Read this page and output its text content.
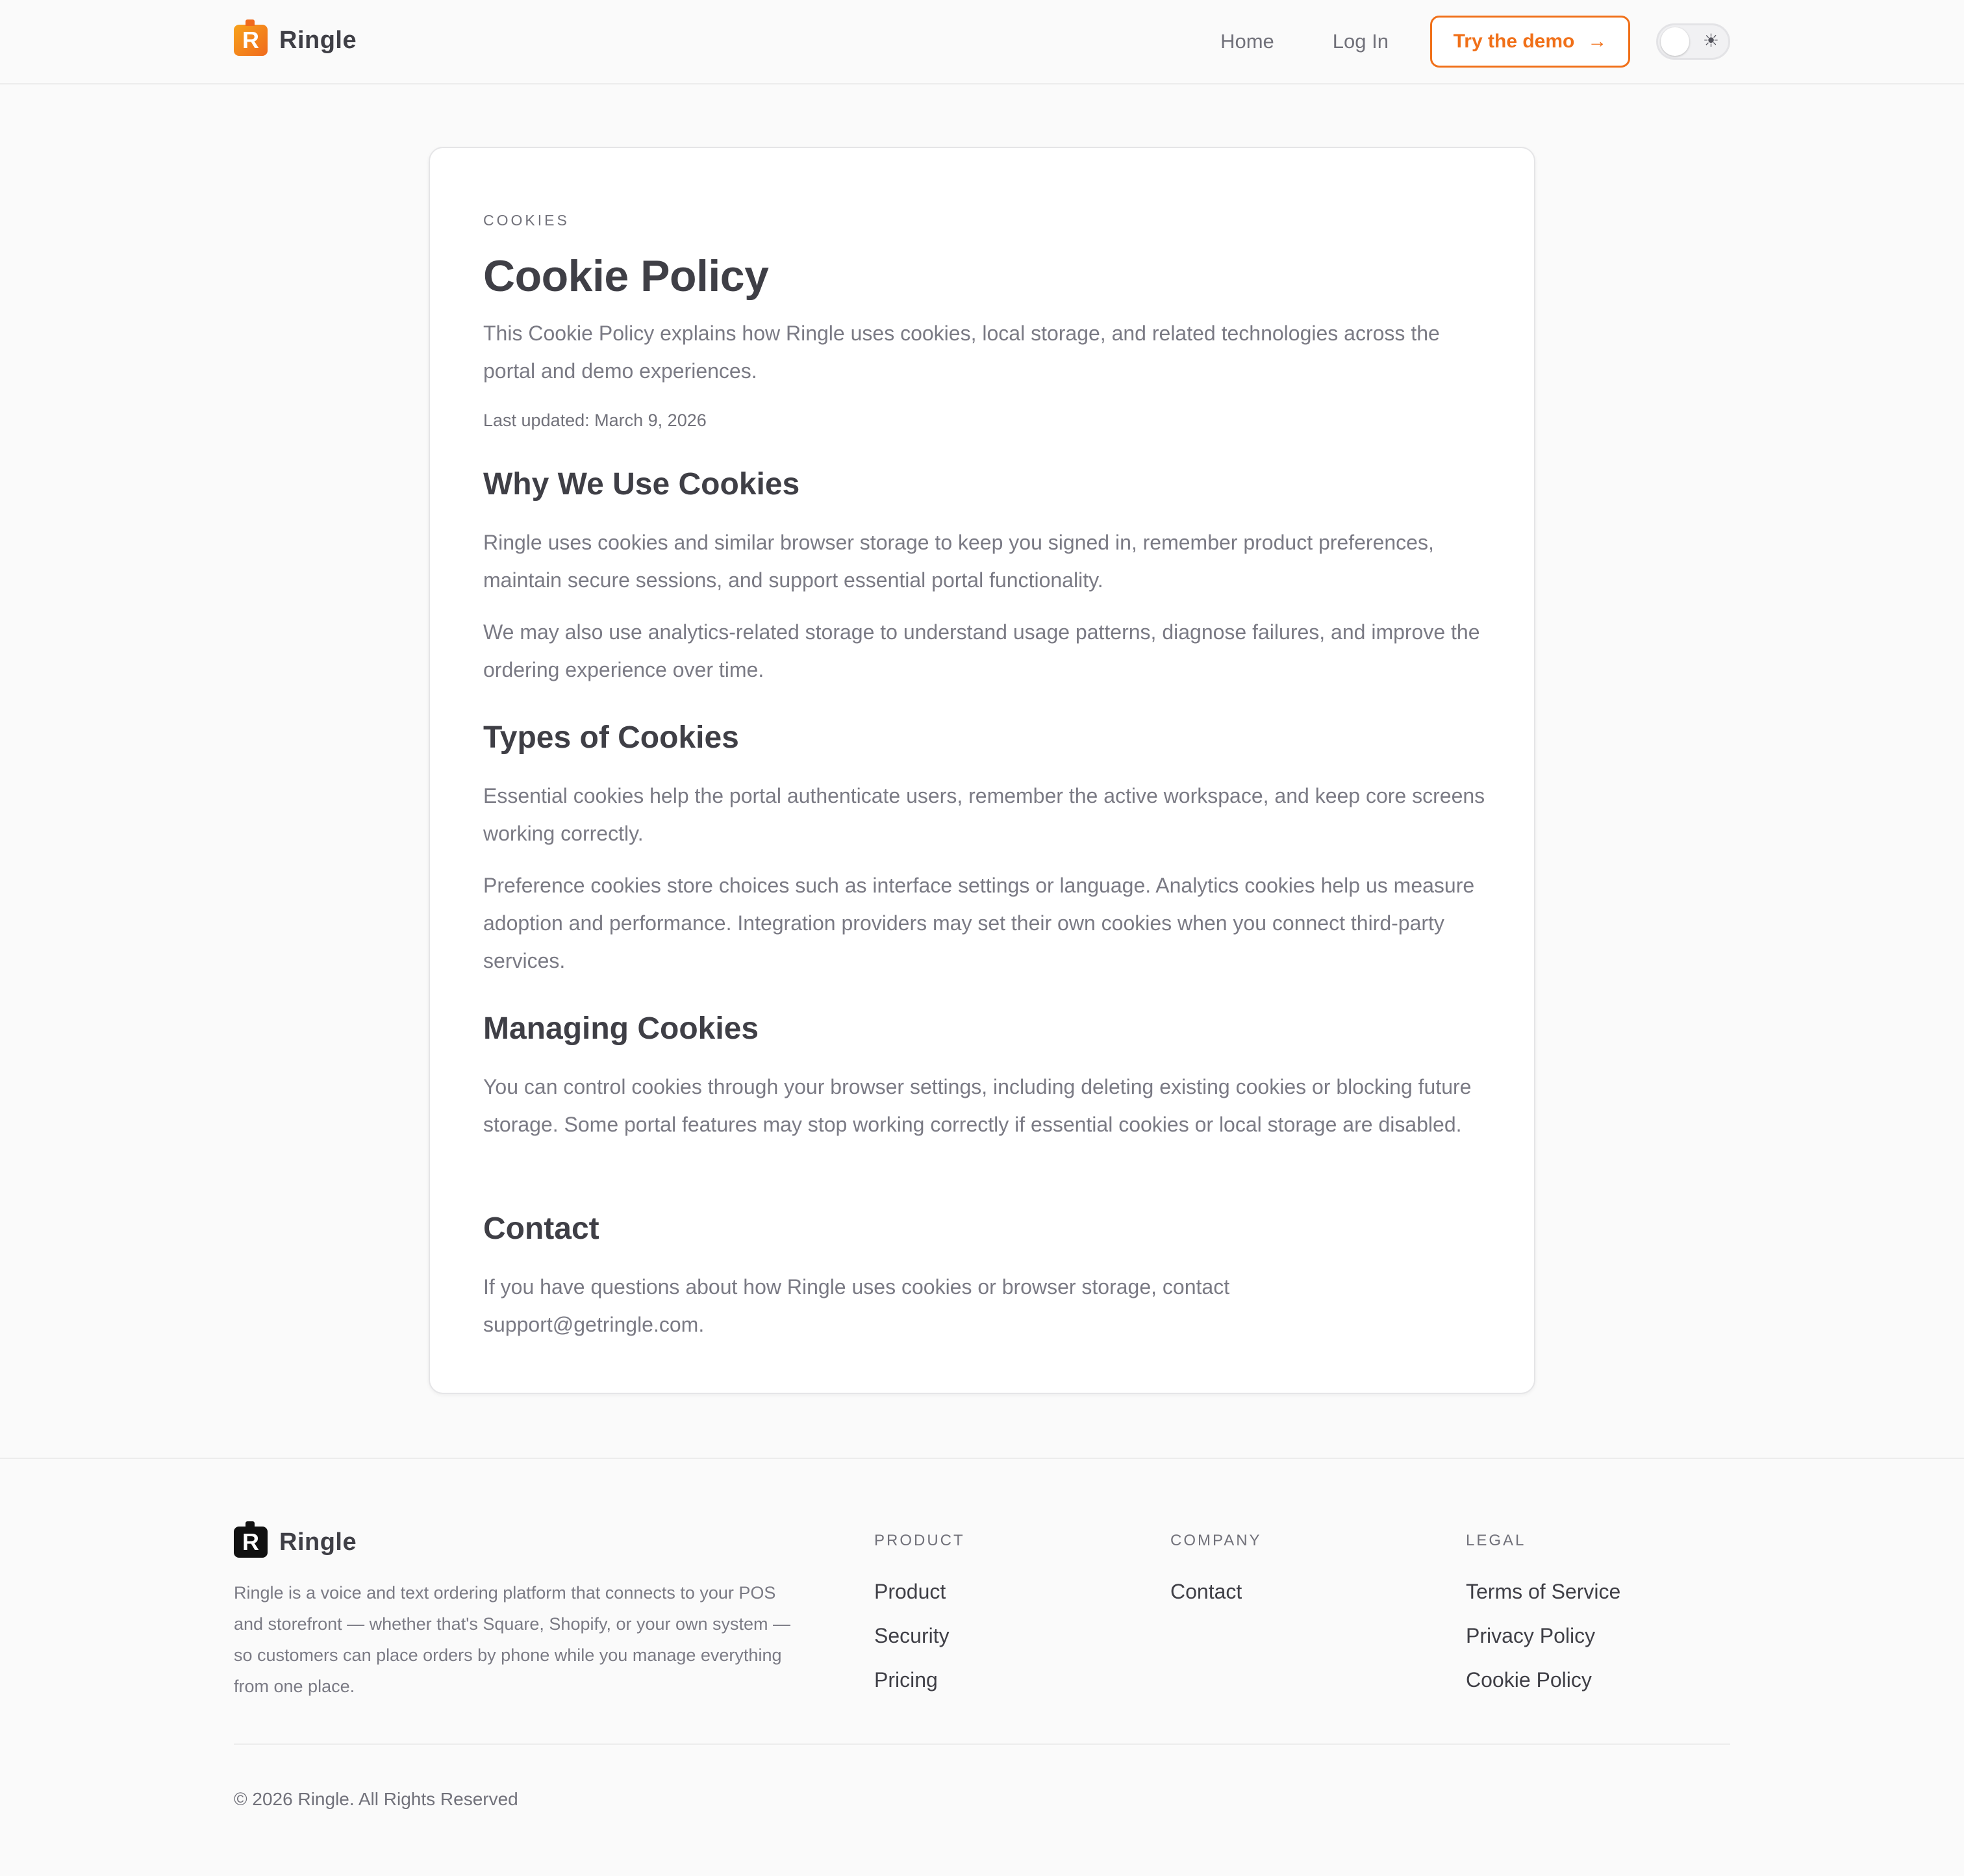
R Ringle	Home	Log In	Try the demo →	☀
COOKIES
Cookie Policy

This Cookie Policy explains how Ringle uses cookies, local storage, and related technologies across the portal and demo experiences.

Last updated: March 9, 2026
Why We Use Cookies

Ringle uses cookies and similar browser storage to keep you signed in, remember product preferences, maintain secure sessions, and support essential portal functionality.

We may also use analytics-related storage to understand usage patterns, diagnose failures, and improve the ordering experience over time.

Types of Cookies

Essential cookies help the portal authenticate users, remember the active workspace, and keep core screens working correctly.

Preference cookies store choices such as interface settings or language. Analytics cookies help us measure adoption and performance. Integration providers may set their own cookies when you connect third-party services.

Managing Cookies

You can control cookies through your browser settings, including deleting existing cookies or blocking future storage. Some portal features may stop working correctly if essential cookies or local storage are disabled.

Contact

If you have questions about how Ringle uses cookies or browser storage, contact support@getringle.com.

R Ringle

Ringle is a voice and text ordering platform that connects to your POS and storefront — whether that's Square, Shopify, or your own system — so customers can place orders by phone while you manage everything from one place.

PRODUCT
Product
Security
Pricing
COMPANY
Contact
LEGAL
Terms of Service
Privacy Policy
Cookie Policy
© 2026 Ringle. All Rights Reserved
